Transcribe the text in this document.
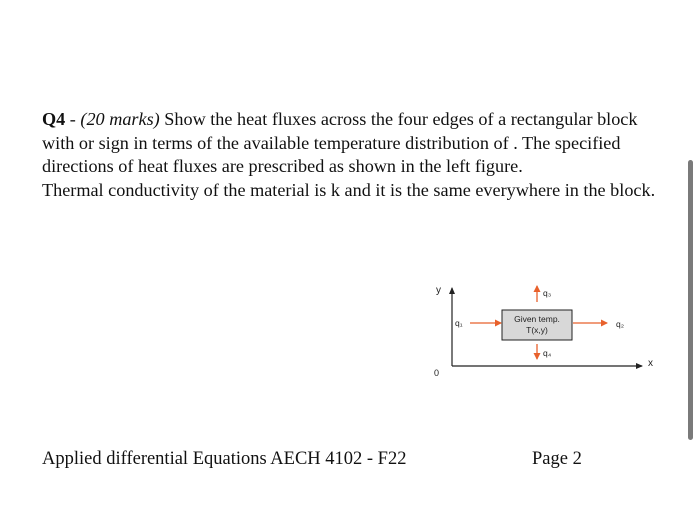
Q4 - (20 marks) Show the heat fluxes across the four edges of a rectangular block with or sign in terms of the available temperature distribution of . The specified directions of heat fluxes are prescribed as shown in the left figure.
Thermal conductivity of the material is k and it is the same everywhere in the block.

y
x
0
Given temp.
T(x,y)
q₁	q₂
q₃
q₄
Applied differential Equations AECH 4102 - F22	Page 2
